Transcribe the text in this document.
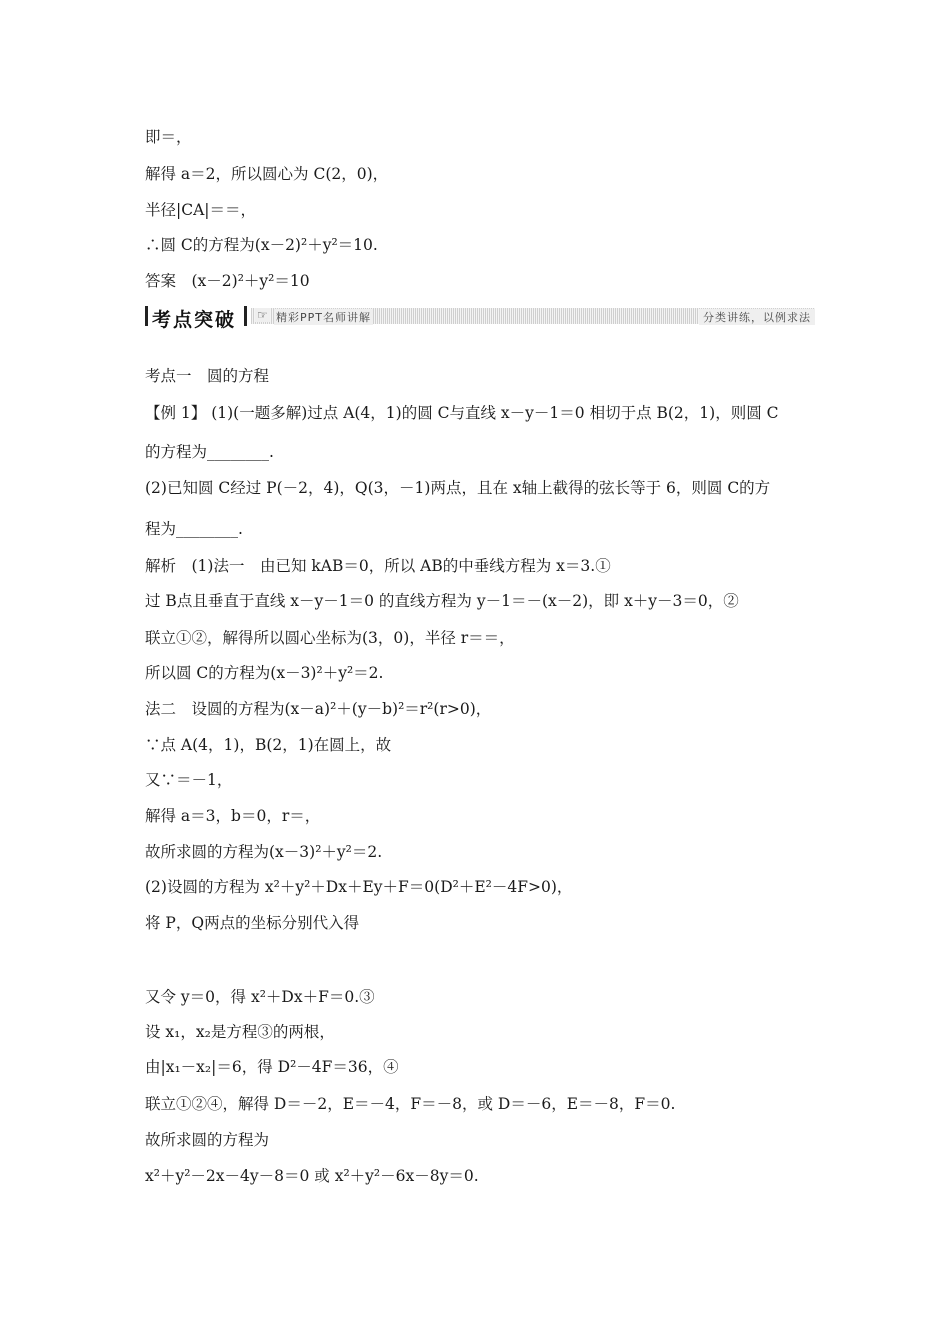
即＝，
解得 a＝2，所以圆心为 C(2，0)，
半径|CA|＝＝，
∴圆 C的方程为(x－2)²＋y²＝10.
答案　(x－2)²＋y²＝10
考点突破 ☞ 精彩PPT名师讲解	分类讲练，以例求法
考点一　圆的方程
【例 1】 (1)(一题多解)过点 A(4，1)的圆 C与直线 x－y－1＝0 相切于点 B(2，1)，则圆 C
的方程为________.
(2)已知圆 C经过 P(－2，4)，Q(3，－1)两点，且在 x轴上截得的弦长等于 6，则圆 C的方
程为________.
解析　(1)法一　由已知 kAB＝0，所以 AB的中垂线方程为 x＝3.①
过 B点且垂直于直线 x－y－1＝0 的直线方程为 y－1＝－(x－2)，即 x＋y－3＝0，②
联立①②，解得所以圆心坐标为(3，0)，半径 r＝＝，
所以圆 C的方程为(x－3)²＋y²＝2.
法二　设圆的方程为(x－a)²＋(y－b)²＝r²(r>0)，
∵点 A(4，1)，B(2，1)在圆上，故
又∵＝－1，
解得 a＝3，b＝0，r＝，
故所求圆的方程为(x－3)²＋y²＝2.
(2)设圆的方程为 x²＋y²＋Dx＋Ey＋F＝0(D²＋E²－4F>0)，
将 P，Q两点的坐标分别代入得
又令 y＝0，得 x²＋Dx＋F＝0.③
设 x₁，x₂是方程③的两根，
由|x₁－x₂|＝6，得 D²－4F＝36，④
联立①②④，解得 D＝－2，E＝－4，F＝－8，或 D＝－6，E＝－8，F＝0.
故所求圆的方程为
x²＋y²－2x－4y－8＝0 或 x²＋y²－6x－8y＝0.
